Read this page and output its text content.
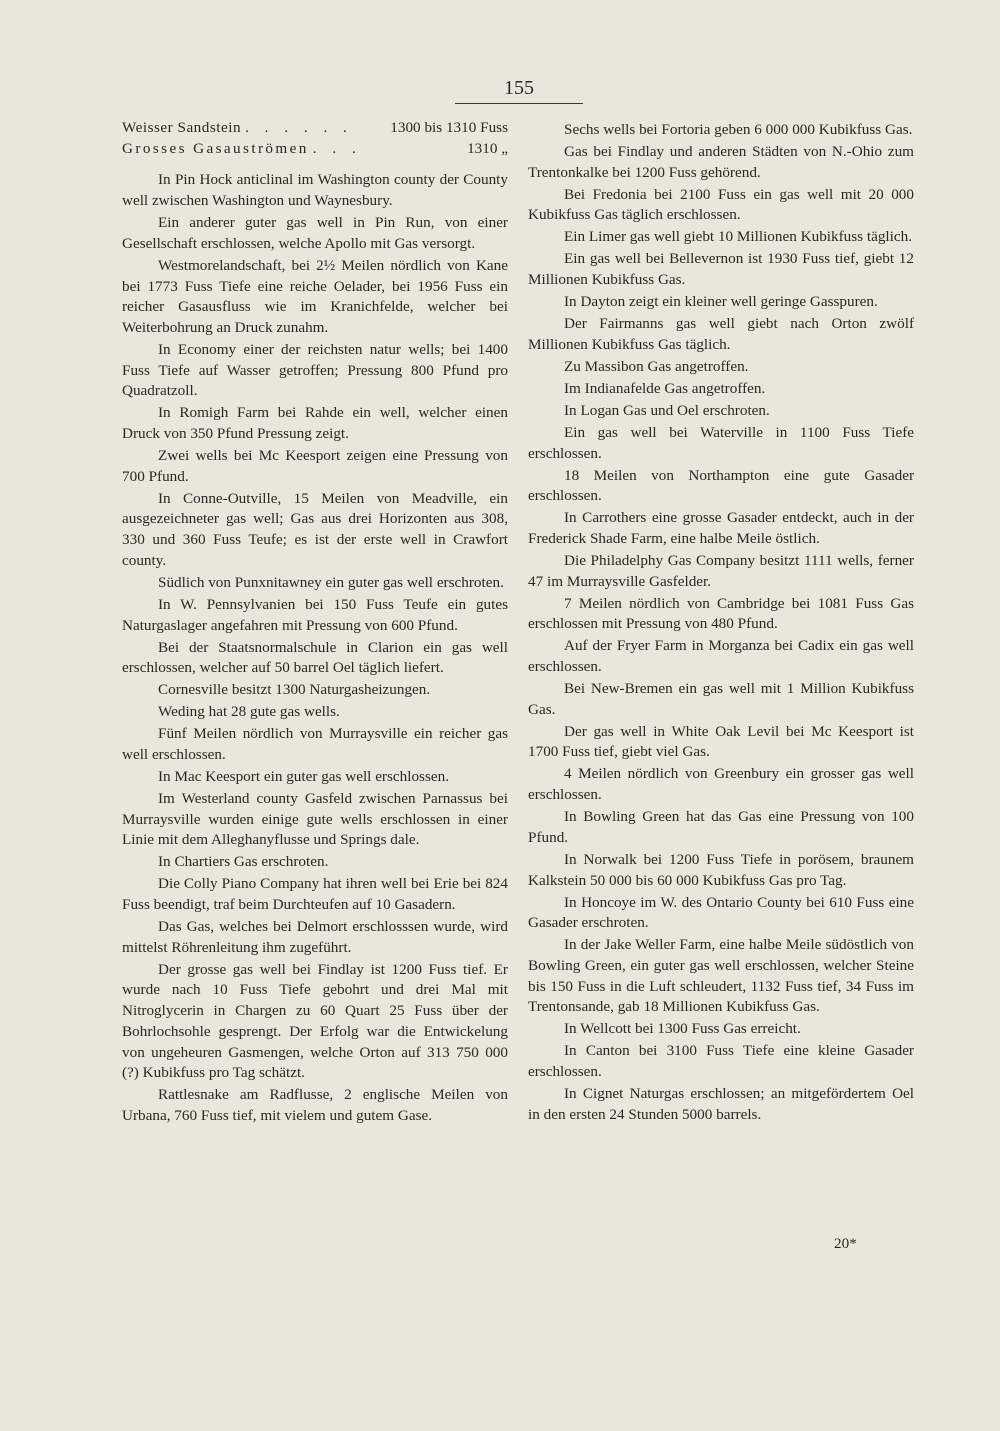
155
Weisser Sandstein . . . . . .	1300 bis 1310 Fuss
Grosses Gasauströmen . . .	1310 „

In Pin Hock anticlinal im Washington county der County well zwischen Washington und Waynesbury.

Ein anderer guter gas well in Pin Run, von einer Gesellschaft erschlossen, welche Apollo mit Gas versorgt.

Westmorelandschaft, bei 2½ Meilen nördlich von Kane bei 1773 Fuss Tiefe eine reiche Oelader, bei 1956 Fuss ein reicher Gasausfluss wie im Kranichfelde, welcher bei Weiterbohrung an Druck zunahm.

In Economy einer der reichsten natur wells; bei 1400 Fuss Tiefe auf Wasser getroffen; Pressung 800 Pfund pro Quadratzoll.

In Romigh Farm bei Rahde ein well, welcher einen Druck von 350 Pfund Pressung zeigt.

Zwei wells bei Mc Keesport zeigen eine Pressung von 700 Pfund.

In Conne-Outville, 15 Meilen von Meadville, ein ausgezeichneter gas well; Gas aus drei Horizonten aus 308, 330 und 360 Fuss Teufe; es ist der erste well in Crawfort county.

Südlich von Punxnitawney ein guter gas well erschroten.

In W. Pennsylvanien bei 150 Fuss Teufe ein gutes Naturgaslager angefahren mit Pressung von 600 Pfund.

Bei der Staatsnormalschule in Clarion ein gas well erschlossen, welcher auf 50 barrel Oel täglich liefert.

Cornesville besitzt 1300 Naturgasheizungen.

Weding hat 28 gute gas wells.

Fünf Meilen nördlich von Murraysville ein reicher gas well erschlossen.

In Mac Keesport ein guter gas well erschlossen.

Im Westerland county Gasfeld zwischen Parnassus bei Murraysville wurden einige gute wells erschlossen in einer Linie mit dem Alleghanyflusse und Springs dale.

In Chartiers Gas erschroten.

Die Colly Piano Company hat ihren well bei Erie bei 824 Fuss beendigt, traf beim Durchteufen auf 10 Gasadern.

Das Gas, welches bei Delmort erschlosssen wurde, wird mittelst Röhrenleitung ihm zugeführt.

Der grosse gas well bei Findlay ist 1200 Fuss tief. Er wurde nach 10 Fuss Tiefe gebohrt und drei Mal mit Nitroglycerin in Chargen zu 60 Quart 25 Fuss über der Bohrlochsohle gesprengt. Der Erfolg war die Entwickelung von ungeheuren Gasmengen, welche Orton auf 313 750 000 (?) Kubikfuss pro Tag schätzt.

Rattlesnake am Radflusse, 2 englische Meilen von Urbana, 760 Fuss tief, mit vielem und gutem Gase.

Sechs wells bei Fortoria geben 6 000 000 Kubikfuss Gas.

Gas bei Findlay und anderen Städten von N.-Ohio zum Trentonkalke bei 1200 Fuss gehörend.

Bei Fredonia bei 2100 Fuss ein gas well mit 20 000 Kubikfuss Gas täglich erschlossen.

Ein Limer gas well giebt 10 Millionen Kubikfuss täglich.

Ein gas well bei Bellevernon ist 1930 Fuss tief, giebt 12 Millionen Kubikfuss Gas.

In Dayton zeigt ein kleiner well geringe Gasspuren.

Der Fairmanns gas well giebt nach Orton zwölf Millionen Kubikfuss Gas täglich.

Zu Massibon Gas angetroffen.

Im Indianafelde Gas angetroffen.

In Logan Gas und Oel erschroten.

Ein gas well bei Waterville in 1100 Fuss Tiefe erschlossen.

18 Meilen von Northampton eine gute Gasader erschlossen.

In Carrothers eine grosse Gasader entdeckt, auch in der Frederick Shade Farm, eine halbe Meile östlich.

Die Philadelphy Gas Company besitzt 1111 wells, ferner 47 im Murraysville Gasfelder.

7 Meilen nördlich von Cambridge bei 1081 Fuss Gas erschlossen mit Pressung von 480 Pfund.

Auf der Fryer Farm in Morganza bei Cadix ein gas well erschlossen.

Bei New-Bremen ein gas well mit 1 Million Kubikfuss Gas.

Der gas well in White Oak Levil bei Mc Keesport ist 1700 Fuss tief, giebt viel Gas.

4 Meilen nördlich von Greenbury ein grosser gas well erschlossen.

In Bowling Green hat das Gas eine Pressung von 100 Pfund.

In Norwalk bei 1200 Fuss Tiefe in porösem, braunem Kalkstein 50 000 bis 60 000 Kubikfuss Gas pro Tag.

In Honcoye im W. des Ontario County bei 610 Fuss eine Gasader erschroten.

In der Jake Weller Farm, eine halbe Meile südöstlich von Bowling Green, ein guter gas well erschlossen, welcher Steine bis 150 Fuss in die Luft schleudert, 1132 Fuss tief, 34 Fuss im Trentonsande, gab 18 Millionen Kubikfuss Gas.

In Wellcott bei 1300 Fuss Gas erreicht.

In Canton bei 3100 Fuss Tiefe eine kleine Gasader erschlossen.

In Cignet Naturgas erschlossen; an mitgefördertem Oel in den ersten 24 Stunden 5000 barrels.

20*
